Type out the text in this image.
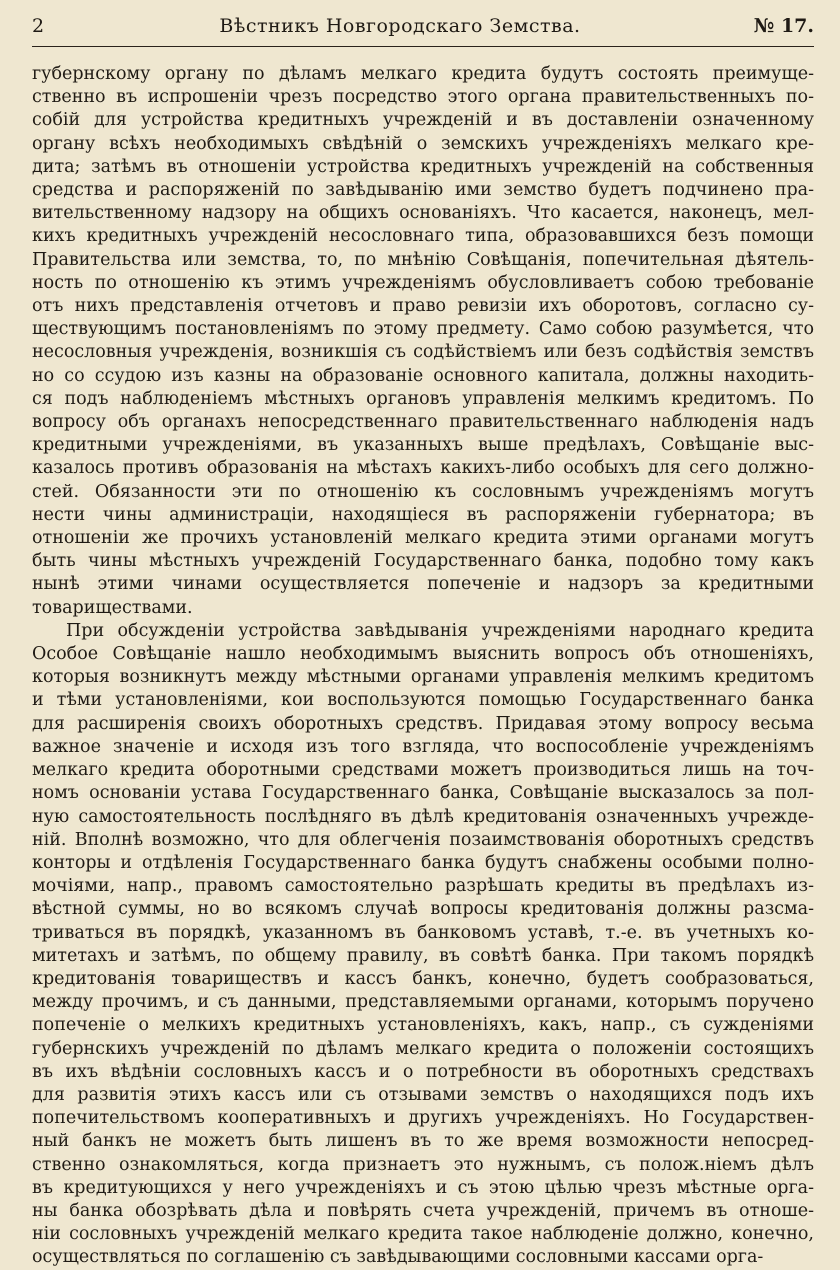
2	Вѣстникъ Новгородскаго Земства.	№ 17.
губернскому органу по дѣламъ мелкаго кредита будутъ состоять преимуще-
ственно въ испрошеніи чрезъ посредство этого органа правительственныхъ по-
собій для устройства кредитныхъ учрежденій и въ доставленіи означенному
органу всѣхъ необходимыхъ свѣдѣній о земскихъ учрежденіяхъ мелкаго кре-
дита; затѣмъ въ отношеніи устройства кредитныхъ учрежденій на собственныя
средства и распоряженій по завѣдыванію ими земство будетъ подчинено пра-
вительственному надзору на общихъ основаніяхъ. Что касается, наконецъ, мел-
кихъ кредитныхъ учрежденій несословнаго типа, образовавшихся безъ помощи
Правительства или земства, то, по мнѣнію Совѣщанія, попечительная дѣятель-
ность по отношенію къ этимъ учрежденіямъ обусловливаетъ собою требованіе
отъ нихъ представленія отчетовъ и право ревизіи ихъ оборотовъ, согласно су-
ществующимъ постановленіямъ по этому предмету. Само собою разумѣется, что
несословныя учрежденія, возникшія съ содѣйствіемъ или безъ содѣйствія земствъ
но со ссудою изъ казны на образованіе основного капитала, должны находить-
ся подъ наблюденіемъ мѣстныхъ органовъ управленія мелкимъ кредитомъ. По
вопросу объ органахъ непосредственнаго правительственнаго наблюденія надъ
кредитными учрежденіями, въ указанныхъ выше предѣлахъ, Совѣщаніе выс-
казалось противъ образованія на мѣстахъ какихъ-либо особыхъ для сего должно-
стей. Обязанности эти по отношенію къ сословнымъ учрежденіямъ могутъ
нести чины администраціи, находящіеся въ распоряженіи губернатора; въ
отношеніи же прочихъ установленій мелкаго кредита этими органами могутъ
быть чины мѣстныхъ учрежденій Государственнаго банка, подобно тому какъ
нынѣ этими чинами осуществляется попеченіе и надзоръ за кредитными
товариществами.
При обсужденіи устройства завѣдыванія учрежденіями народнаго кредита
Особое Совѣщаніе нашло необходимымъ выяснить вопросъ объ отношеніяхъ,
которыя возникнутъ между мѣстными органами управленія мелкимъ кредитомъ
и тѣми установленіями, кои воспользуются помощью Государственнаго банка
для расширенія своихъ оборотныхъ средствъ. Придавая этому вопросу весьма
важное значеніе и исходя изъ того взгляда, что воспособленіе учрежденіямъ
мелкаго кредита оборотными средствами можетъ производиться лишь на точ-
номъ основаніи устава Государственнаго банка, Совѣщаніе высказалось за пол-
ную самостоятельность послѣдняго въ дѣлѣ кредитованія означенныхъ учрежде-
ній. Вполнѣ возможно, что для облегченія позаимствованія оборотныхъ средствъ
конторы и отдѣленія Государственнаго банка будутъ снабжены особыми полно-
мочіями, напр., правомъ самостоятельно разрѣшать кредиты въ предѣлахъ из-
вѣстной суммы, но во всякомъ случаѣ вопросы кредитованія должны разсма-
триваться въ порядкѣ, указанномъ въ банковомъ уставѣ, т.-е. въ учетныхъ ко-
митетахъ и затѣмъ, по общему правилу, въ совѣтѣ банка. При такомъ порядкѣ
кредитованія товариществъ и кассъ банкъ, конечно, будетъ сообразоваться,
между прочимъ, и съ данными, представляемыми органами, которымъ поручено
попеченіе о мелкихъ кредитныхъ установленіяхъ, какъ, напр., съ сужденіями
губернскихъ учрежденій по дѣламъ мелкаго кредита о положеніи состоящихъ
въ ихъ вѣдѣніи сословныхъ кассъ и о потребности въ оборотныхъ средствахъ
для развитія этихъ кассъ или съ отзывами земствъ о находящихся подъ ихъ
попечительствомъ кооперативныхъ и другихъ учрежденіяхъ. Но Государствен-
ный банкъ не можетъ быть лишенъ въ то же время возможности непосред-
ственно ознакомляться, когда признаетъ это нужнымъ, съ полож.ніемъ дѣлъ
въ кредитующихся у него учрежденіяхъ и съ этою цѣлью чрезъ мѣстные орга-
ны банка обозрѣвать дѣла и повѣрять счета учрежденій, причемъ въ отноше-
ніи сословныхъ учрежденій мелкаго кредита такое наблюденіе должно, конечно,
осуществляться по соглашенію съ завѣдывающими сословными кассами орга-
